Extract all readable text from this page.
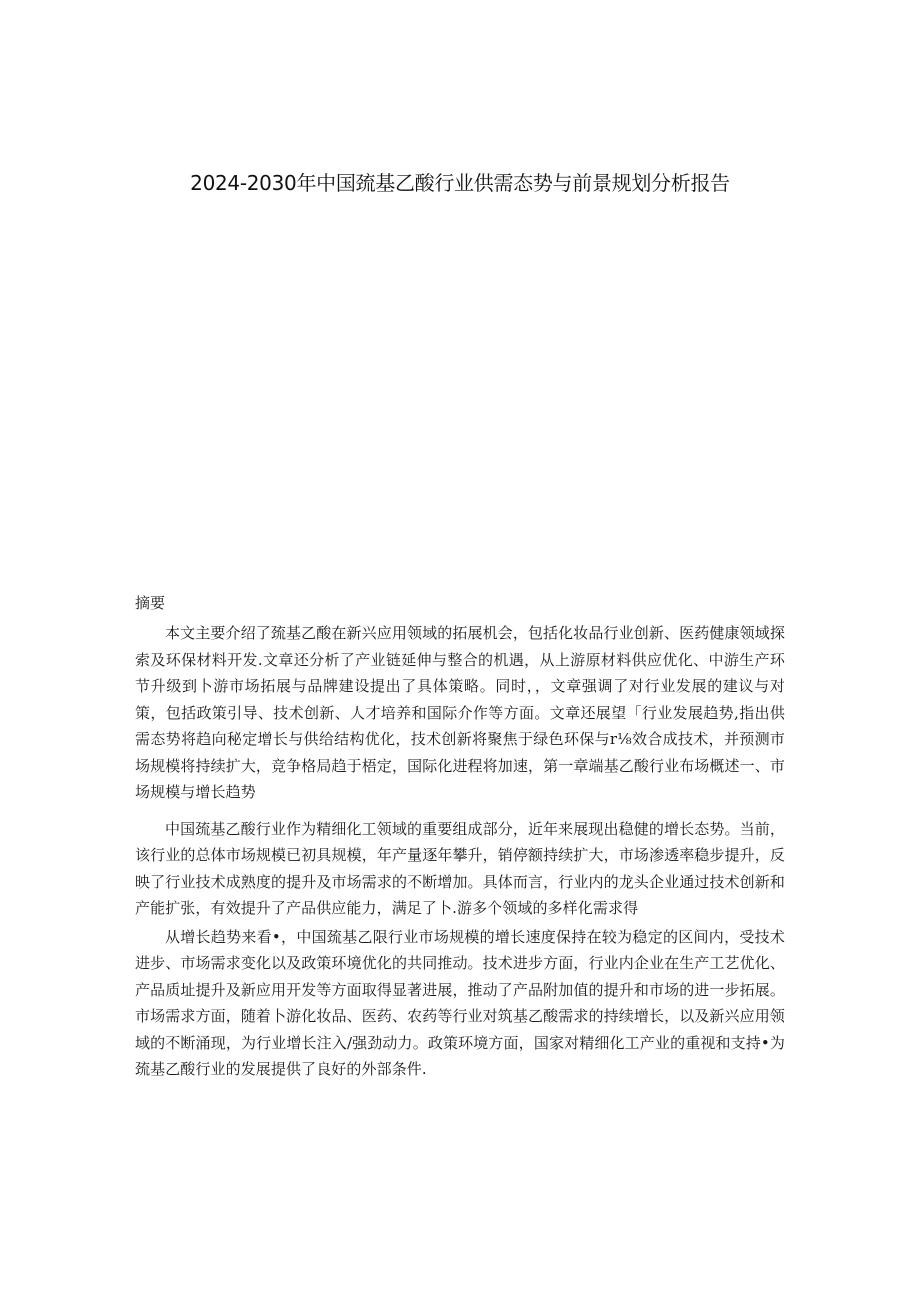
2024-2030年中国巯基乙酸行业供需态势与前景规划分析报告
摘要

本文主要介绍了巯基乙酸在新兴应用领域的拓展机会，包括化妆品行业创新、医药健康领域探索及环保材料开发.文章还分析了产业链延伸与整合的机遇，从上游原材料供应优化、中游生产环节升级到卜游市场拓展与品牌建设提出了具体策略。同时，，文章强调了对行业发展的建议与对策，包括政策引导、技术创新、人才培养和国际介作等方面。文章还展望「行业发展趋势,指出供需态势将趋向秘定增长与供给结构优化，技术创新将聚焦于绿色环保与r⅛效合成技术，并预测市场规模将持续扩大，竞争格局趋于梧定，国际化进程将加速，第一章端基乙酸行业布场概述一、市场规模与增长趋势

中国巯基乙酸行业作为精细化工领域的重要组成部分，近年来展现出稳健的增长态势。当前，该行业的总体市场规模已初具规模，年产量逐年攀升，销停额持续扩大，市场渗透率稳步提升，反映了行业技术成熟度的提升及市场需求的不断增加。具体而言，行业内的龙头企业通过技术创新和产能扩张，有效提升了产品供应能力，满足了卜.游多个领域的多样化需求得

从增长趋势来看•，中国巯基乙限行业市场规模的增长速度保持在较为稳定的区间内，受技术进步、市场需求变化以及政策环境优化的共同推动。技术进步方面，行业内企业在生产工艺优化、产品质址提升及新应用开发等方面取得显著进展，推动了产品附加值的提升和市场的进一步拓展。市场需求方面，随着卜游化妆品、医药、农药等行业对筑基乙酸需求的持续增长，以及新兴应用领域的不断涌现，为行业增长注入/强劲动力。政策环境方面，国家对精细化工产业的重视和支持•为巯基乙酸行业的发展提供了良好的外部条件.
